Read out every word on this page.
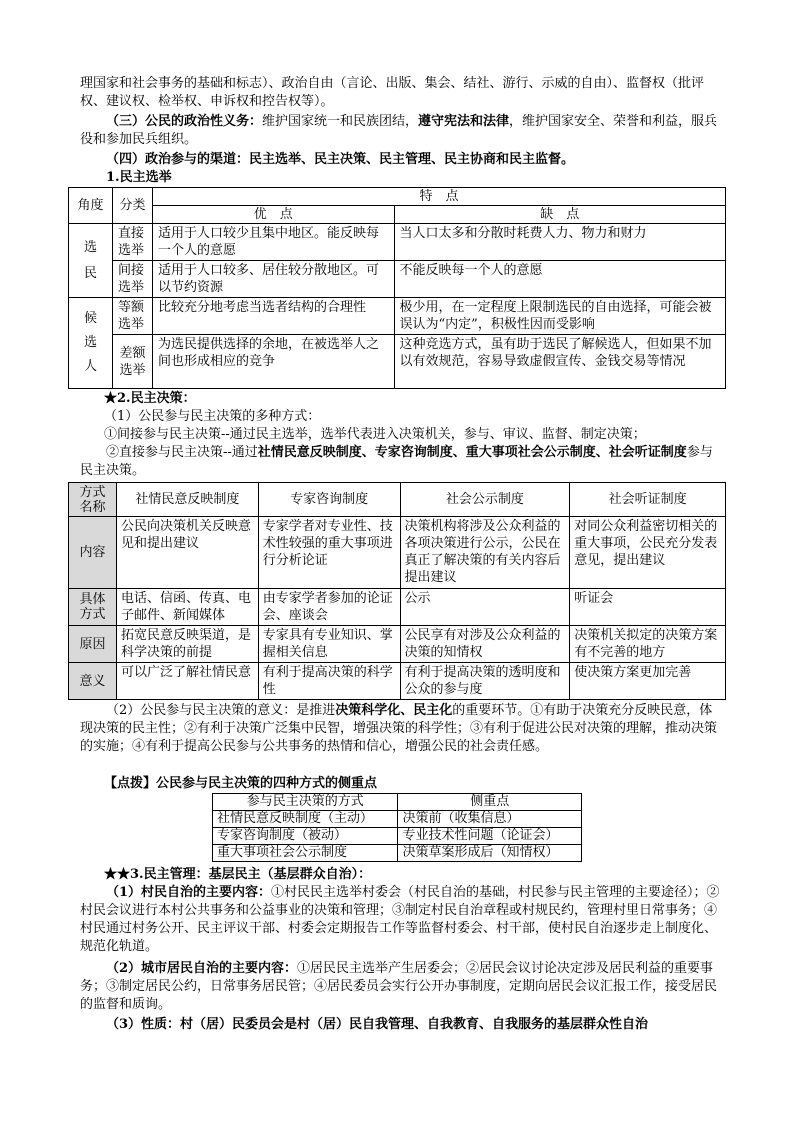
理国家和社会事务的基础和标志）、政治自由（言论、出版、集会、结社、游行、示威的自由）、监督权（批评权、建议权、检举权、申诉权和控告权等）。
（三）公民的政治性义务：维护国家统一和民族团结，遵守宪法和法律，维护国家安全、荣誉和利益，服兵役和参加民兵组织。
（四）政治参与的渠道：民主选举、民主决策、民主管理、民主协商和民主监督。
1.民主选举
角度	分类	特　点	
		优　点	缺　点
选民	直接选举	适用于人口较少且集中地区。能反映每一个人的意愿	当人口太多和分散时耗费人力、物力和财力
	间接选举	适用于人口较多、居住较分散地区。可以节约资源	不能反映每一个人的意愿
候选人	等额选举	比较充分地考虑当选者结构的合理性	极少用，在一定程度上限制选民的自由选择，可能会被误认为“内定”，积极性因而受影响
	差额选举	为选民提供选择的余地，在被选举人之间也形成相应的竞争	这种竞选方式，虽有助于选民了解候选人，但如果不加以有效规范，容易导致虚假宣传、金钱交易等情况
★2.民主决策：
（1）公民参与民主决策的多种方式：
①间接参与民主决策--通过民主选举，选举代表进入决策机关，参与、审议、监督、制定决策；
②直接参与民主决策--通过社情民意反映制度、专家咨询制度、重大事项社会公示制度、社会听证制度参与民主决策。
方式名称	社情民意反映制度	专家咨询制度	社会公示制度	社会听证制度
内容	公民向决策机关反映意见和提出建议	专家学者对专业性、技术性较强的重大事项进行分析论证	决策机构将涉及公众利益的各项决策进行公示，公民在真正了解决策的有关内容后提出建议	对同公众利益密切相关的重大事项，公民充分发表意见，提出建议
具体方式	电话、信函、传真、电子邮件、新闻媒体	由专家学者参加的论证会、座谈会	公示	听证会
原因	拓宽民意反映渠道，是科学决策的前提	专家具有专业知识、掌握相关信息	公民享有对涉及公众利益的决策的知情权	决策机关拟定的决策方案有不完善的地方
意义	可以广泛了解社情民意	有利于提高决策的科学性	有利于提高决策的透明度和公众的参与度	使决策方案更加完善
（2）公民参与民主决策的意义：是推进决策科学化、民主化的重要环节。①有助于决策充分反映民意，体现决策的民主性；②有利于决策广泛集中民智，增强决策的科学性；③有利于促进公民对决策的理解，推动决策的实施；④有利于提高公民参与公共事务的热情和信心，增强公民的社会责任感。
【点拨】公民参与民主决策的四种方式的侧重点
参与民主决策的方式	侧重点
社情民意反映制度（主动）	决策前（收集信息）
专家咨询制度（被动）	专业技术性问题（论证会）
重大事项社会公示制度	决策草案形成后（知情权）
★★3.民主管理：基层民主（基层群众自治）：
（1）村民自治的主要内容：①村民民主选举村委会（村民自治的基础，村民参与民主管理的主要途径）；②村民会议进行本村公共事务和公益事业的决策和管理；③制定村民自治章程或村规民约，管理村里日常事务；④村民通过村务公开、民主评议干部、村委会定期报告工作等监督村委会、村干部，使村民自治逐步走上制度化、规范化轨道。
（2）城市居民自治的主要内容：①居民民主选举产生居委会；②居民会议讨论决定涉及居民利益的重要事务；③制定居民公约，日常事务居民管；④居民委员会实行公开办事制度，定期向居民会议汇报工作，接受居民的监督和质询。
（3）性质：村（居）民委员会是村（居）民自我管理、自我教育、自我服务的基层群众性自治
